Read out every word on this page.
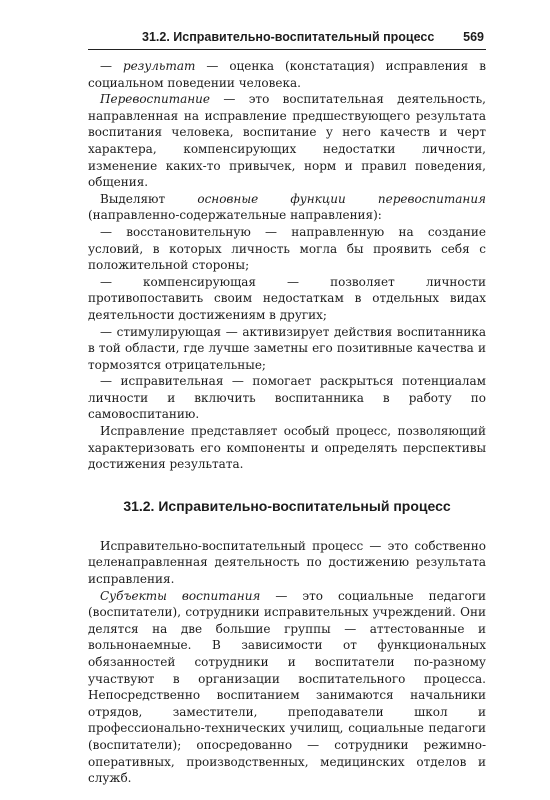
31.2. Исправительно-воспитательный процесс 569

— результат — оценка (констатация) исправления в социальном поведении человека.

Перевоспитание — это воспитательная деятельность, направленная на исправление предшествующего результата воспитания человека, воспитание у него качеств и черт характера, компенсирующих недостатки личности, изменение каких-то привычек, норм и правил поведения, общения.

Выделяют основные функции перевоспитания (направленно-содержательные направления):

— восстановительную — направленную на создание условий, в которых личность могла бы проявить себя с положительной стороны;

— компенсирующая — позволяет личности противопоставить своим недостаткам в отдельных видах деятельности достижениям в других;

— стимулирующая — активизирует действия воспитанника в той области, где лучше заметны его позитивные качества и тормозятся отрицательные;

— исправительная — помогает раскрыться потенциалам личности и включить воспитанника в работу по самовоспитанию.

Исправление представляет особый процесс, позволяющий характеризовать его компоненты и определять перспективы достижения результата.

31.2. Исправительно-воспитательный процесс

Исправительно-воспитательный процесс — это собственно целенаправленная деятельность по достижению результата исправления.

Субъекты воспитания — это социальные педагоги (воспитатели), сотрудники исправительных учреждений. Они делятся на две большие группы — аттестованные и вольнонаемные. В зависимости от функциональных обязанностей сотрудники и воспитатели по-разному участвуют в организации воспитательного процесса. Непосредственно воспитанием занимаются начальники отрядов, заместители, преподаватели школ и профессионально-технических училищ, социальные педагоги (воспитатели); опосредованно — сотрудники режимно-оперативных, производственных, медицинских отделов и служб.
